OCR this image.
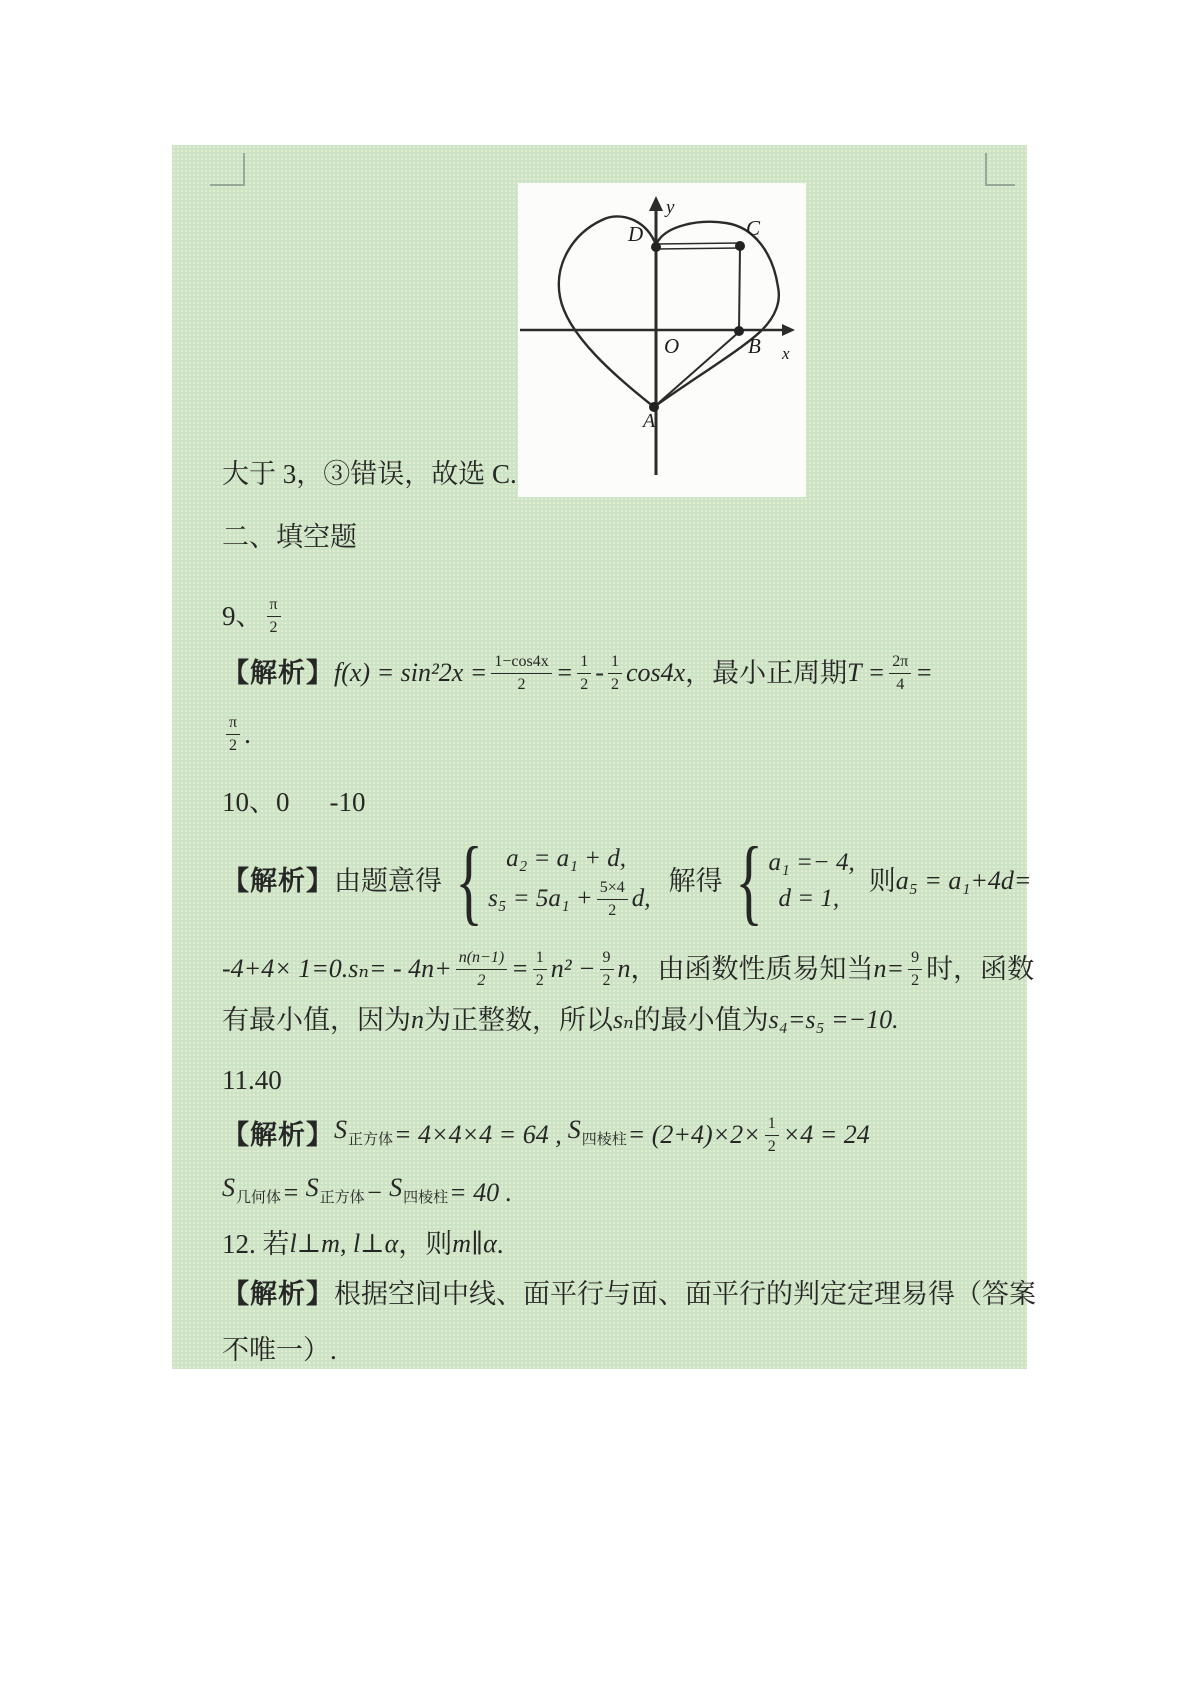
y
D	C
O	B x
A
大于 3，③错误，故选 C.
二、填空题
9、 $\frac{\pi}{2}$
【解析】 $f(x) = \sin^22x = \frac{1-\cos 4x}{2} = \frac{1}{2} - \frac{1}{2} \cos 4x$ ，最小正周期 $T = \frac{2\pi}{4}$ =
$\frac{\pi}{2}$ .
10、0 -10
【解析】 由题意得 { a₂ = a₁ + d,
$s_5 = 5a_1 + \frac{5\times 4}{2} d$,
解得 { a₁ =− 4,
d = 1,
则 a₅ = a₁+4d=
$-4+4\times 1=0.s_n= - 4n+ \frac{n(n-1)}{2} = \frac{1}{2} n^2 - \frac{9}{2}$ n ，由函数性质易知当 $n= \frac{9}{2}$ 时，函数
有最小值，因为 n 为正整数，所以 sₙ 的最小值为 s₄=s₅ =−10.
11.40
【解析】 $S_{正方体} = 4\times 4\times 4 = 64$ , $S_{四棱柱} = (2+4)\times 2\times \frac{1}{2} \times 4 = 24$
$S_{几何体} = S_{正方体} - S_{四棱柱} = 40$ .
12. 若 l⊥m, l⊥α ，则 m∥α .
【解析】 根据空间中线、面平行与面、面平行的判定定理易得（答案
不唯一）.
